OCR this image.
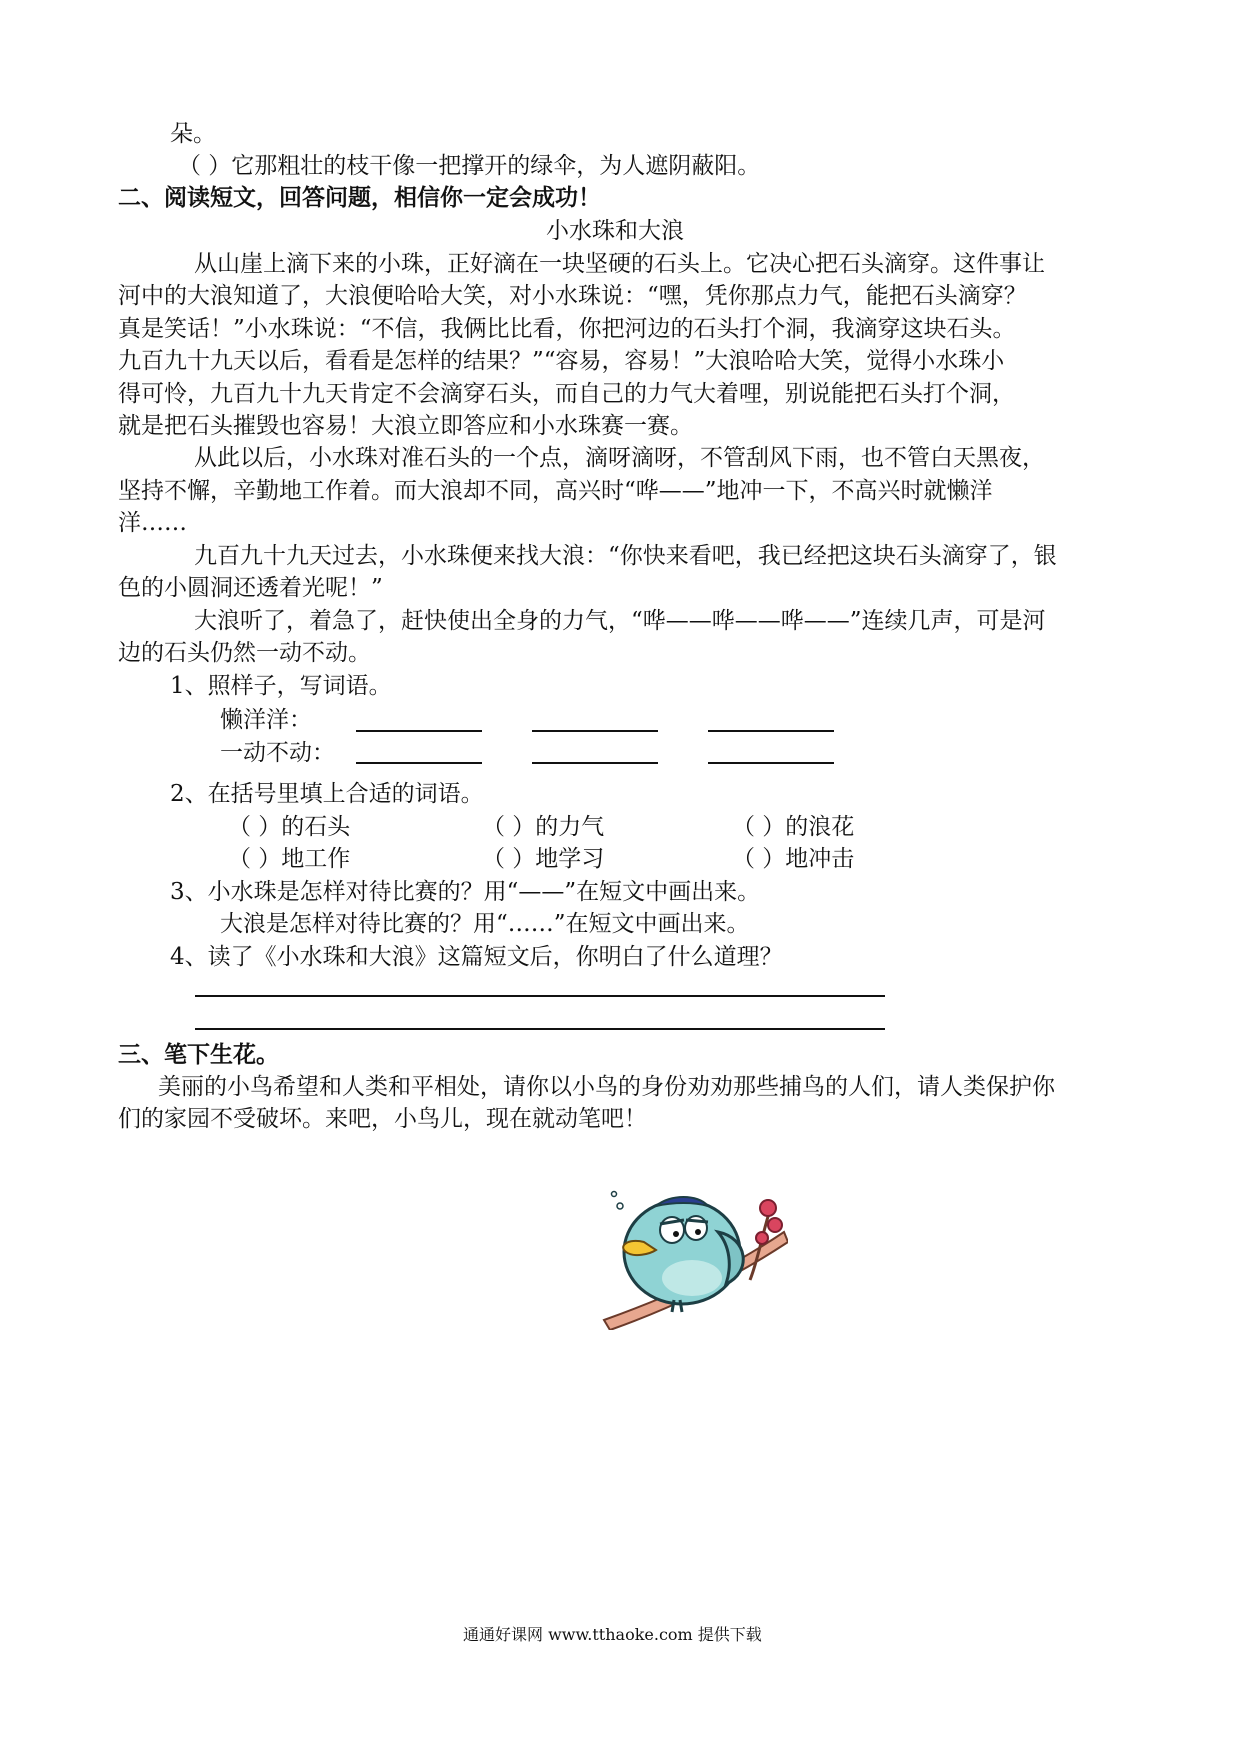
朵。
（ ）它那粗壮的枝干像一把撑开的绿伞，为人遮阴蔽阳。
二、阅读短文，回答问题，相信你一定会成功！
小水珠和大浪
从山崖上滴下来的小珠，正好滴在一块坚硬的石头上。它决心把石头滴穿。这件事让
河中的大浪知道了，大浪便哈哈大笑，对小水珠说：“嘿，凭你那点力气，能把石头滴穿？
真是笑话！”小水珠说：“不信，我俩比比看，你把河边的石头打个洞，我滴穿这块石头。
九百九十九天以后，看看是怎样的结果？”“容易，容易！”大浪哈哈大笑，觉得小水珠小
得可怜，九百九十九天肯定不会滴穿石头，而自己的力气大着哩，别说能把石头打个洞，
就是把石头摧毁也容易！大浪立即答应和小水珠赛一赛。
从此以后，小水珠对准石头的一个点，滴呀滴呀，不管刮风下雨，也不管白天黑夜，
坚持不懈，辛勤地工作着。而大浪却不同，高兴时“哗——”地冲一下，不高兴时就懒洋
洋……
九百九十九天过去，小水珠便来找大浪：“你快来看吧，我已经把这块石头滴穿了，银
色的小圆洞还透着光呢！”
大浪听了，着急了，赶快使出全身的力气，“哗——哗——哗——”连续几声，可是河
边的石头仍然一动不动。
1、照样子，写词语。
懒洋洋：
一动不动：
2、在括号里填上合适的词语。
（ ）的石头	（ ）的力气	（ ）的浪花
（ ）地工作	（ ）地学习	（ ）地冲击
3、小水珠是怎样对待比赛的？用“——”在短文中画出来。
大浪是怎样对待比赛的？用“……”在短文中画出来。
4、读了《小水珠和大浪》这篇短文后，你明白了什么道理？
三、笔下生花。
美丽的小鸟希望和人类和平相处，请你以小鸟的身份劝劝那些捕鸟的人们，请人类保护你
们的家园不受破坏。来吧，小鸟儿，现在就动笔吧！
通通好课网 www.tthaoke.com 提供下载
